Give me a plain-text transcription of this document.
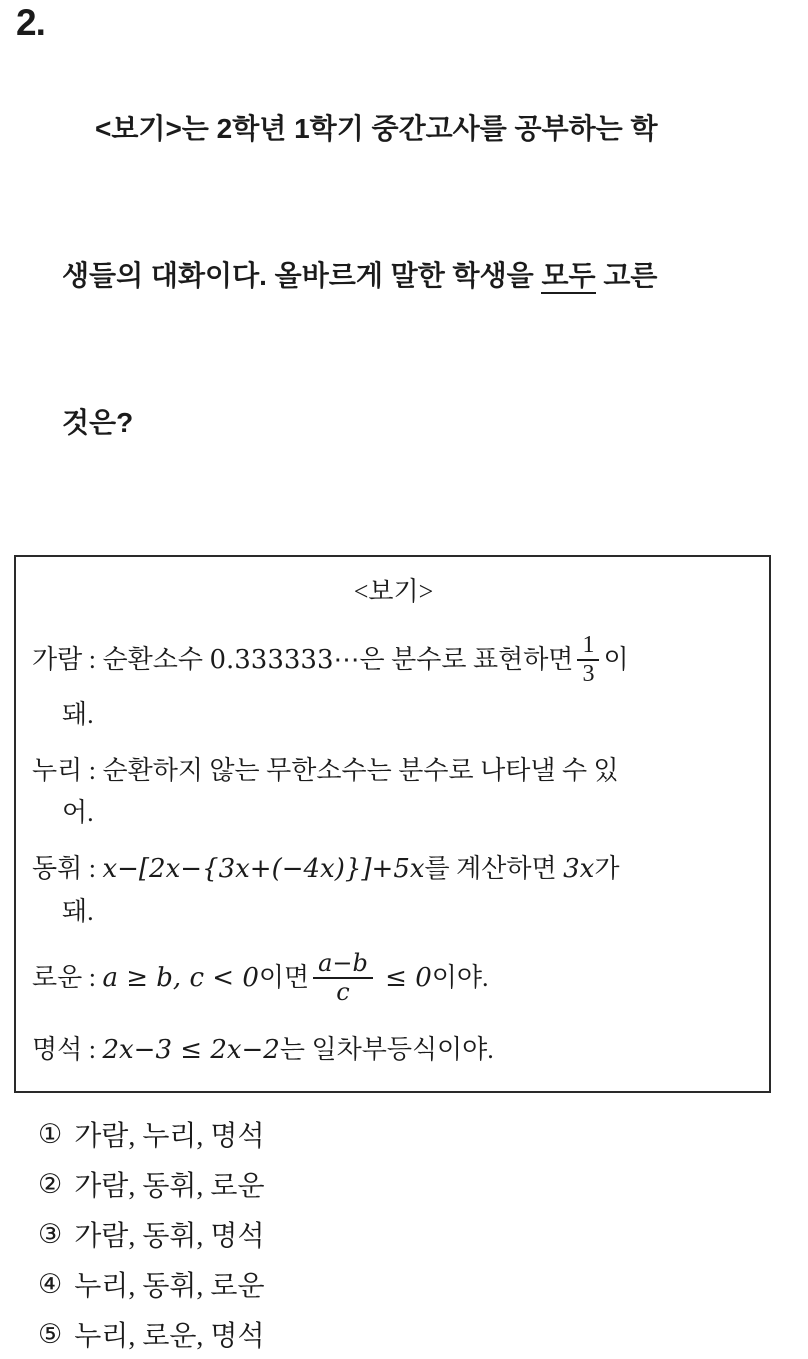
2.

<보기>는 2학년 1학기 중간고사를 공부하는 학

생들의 대화이다. 올바르게 말한 학생을 모두 고른

것은?

<보기>
가람 : 순환소수 0.333333⋯은 분수로 표현하면 $\frac{1}{3}$ 이
돼.
누리 : 순환하지 않는 무한소수는 분수로 나타낼 수 있
어.
동휘 : x−[2x−{3x+(−4x)}]+5x를 계산하면 3x가
돼.
로운 : a ≥ b, c < 0이면 $\frac{a-b}{c} \le 0$이야.
명석 : 2x−3 ≤ 2x−2는 일차부등식이야.
① 가람, 누리, 명석
② 가람, 동휘, 로운
③ 가람, 동휘, 명석
④ 누리, 동휘, 로운
⑤ 누리, 로운, 명석
